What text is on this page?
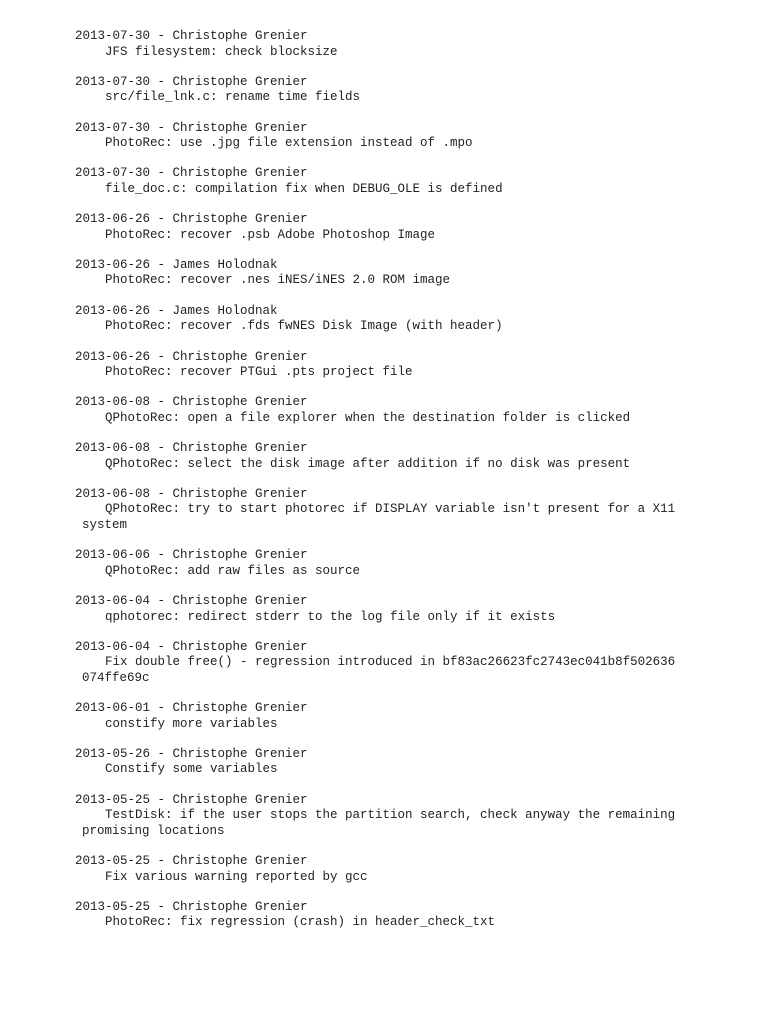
2013-07-30 - Christophe Grenier
JFS filesystem: check blocksize
2013-07-30 - Christophe Grenier
src/file_lnk.c: rename time fields
2013-07-30 - Christophe Grenier
PhotoRec: use .jpg file extension instead of .mpo
2013-07-30 - Christophe Grenier
file_doc.c: compilation fix when DEBUG_OLE is defined
2013-06-26 - Christophe Grenier
PhotoRec: recover .psb Adobe Photoshop Image
2013-06-26 - James Holodnak
PhotoRec: recover .nes iNES/iNES 2.0 ROM image
2013-06-26 - James Holodnak
PhotoRec: recover .fds fwNES Disk Image (with header)
2013-06-26 - Christophe Grenier
PhotoRec: recover PTGui .pts project file
2013-06-08 - Christophe Grenier
QPhotoRec: open a file explorer when the destination folder is clicked
2013-06-08 - Christophe Grenier
QPhotoRec: select the disk image after addition if no disk was present
2013-06-08 - Christophe Grenier
QPhotoRec: try to start photorec if DISPLAY variable isn't present for a X11
system
2013-06-06 - Christophe Grenier
QPhotoRec: add raw files as source
2013-06-04 - Christophe Grenier
qphotorec: redirect stderr to the log file only if it exists
2013-06-04 - Christophe Grenier
Fix double free() - regression introduced in bf83ac26623fc2743ec041b8f502636
074ffe69c
2013-06-01 - Christophe Grenier
constify more variables
2013-05-26 - Christophe Grenier
Constify some variables
2013-05-25 - Christophe Grenier
TestDisk: if the user stops the partition search, check anyway the remaining
promising locations
2013-05-25 - Christophe Grenier
Fix various warning reported by gcc
2013-05-25 - Christophe Grenier
PhotoRec: fix regression (crash) in header_check_txt
